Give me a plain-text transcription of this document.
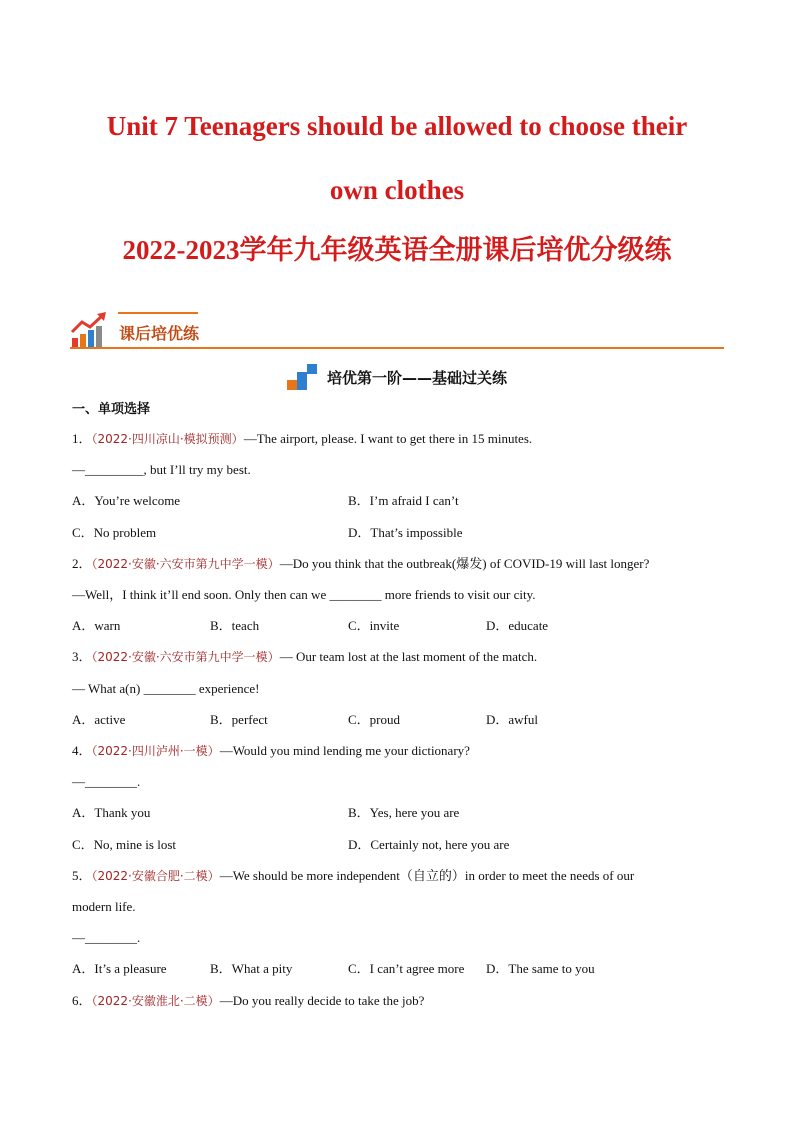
Unit 7 Teenagers should be allowed to choose their
own clothes
2022-2023学年九年级英语全册课后培优分级练
课后培优练
培优第一阶——基础过关练
一、单项选择
1．（2022·四川凉山·模拟预测）—The airport, please. I want to get there in 15 minutes.
—_________, but I’ll try my best.
A．You’re welcome	B．I’m afraid I can’t
C．No problem	D．That’s impossible
2．（2022·安徽·六安市第九中学一模）—Do you think that the outbreak(爆发) of COVID-19 will last longer?
—Well，I think it’ll end soon. Only then can we ________ more friends to visit our city.
A．warn	B．teach	C．invite	D．educate
3．（2022·安徽·六安市第九中学一模）— Our team lost at the last moment of the match.
— What a(n) ________ experience!
A．active	B．perfect	C．proud	D．awful
4．（2022·四川泸州·一模）—Would you mind lending me your dictionary?
—________.
A．Thank you	B．Yes, here you are
C．No, mine is lost	D．Certainly not, here you are
5．（2022·安徽合肥·二模）—We should be more independent（自立的）in order to meet the needs of our
modern life.
—________.
A．It’s a pleasure	B．What a pity	C．I can’t agree more D．The same to you
6．（2022·安徽淮北·二模）—Do you really decide to take the job?
